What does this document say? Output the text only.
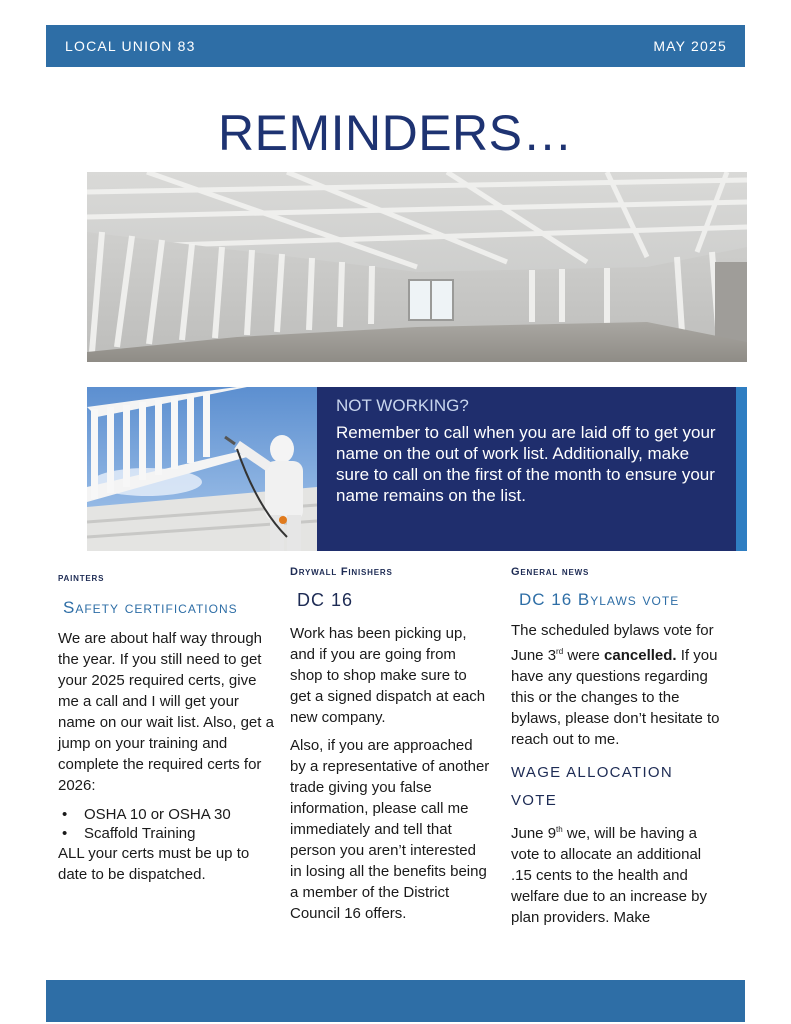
LOCAL UNION 83	MAY 2025
REMINDERS…
NOT WORKING?
Remember to call when you are laid off to get your name on the out of work list. Additionally, make sure to call on the first of the month to ensure your name remains on the list.
painters
Safety certifications
We are about half way through the year. If you still need to get your 2025 required certs, give me a call and I will get your name on our wait list. Also, get a jump on your training and complete the required certs for 2026:
• OSHA 10 or OSHA 30
• Scaffold Training
ALL your certs must be up to date to be dispatched.
Drywall Finishers
DC 16
Work has been picking up, and if you are going from shop to shop make sure to get a signed dispatch at each new company.
Also, if you are approached by a representative of another trade giving you false information, please call me immediately and tell that person you aren’t interested in losing all the benefits being a member of the District Council 16 offers.
General news
DC 16 Bylaws vote
The scheduled bylaws vote for June 3rd were cancelled. If you have any questions regarding this or the changes to the bylaws, please don’t hesitate to reach out to me.
WAGE ALLOCATION
VOTE
June 9th we, will be having a vote to allocate an additional .15 cents to the health and welfare due to an increase by plan providers. Make
